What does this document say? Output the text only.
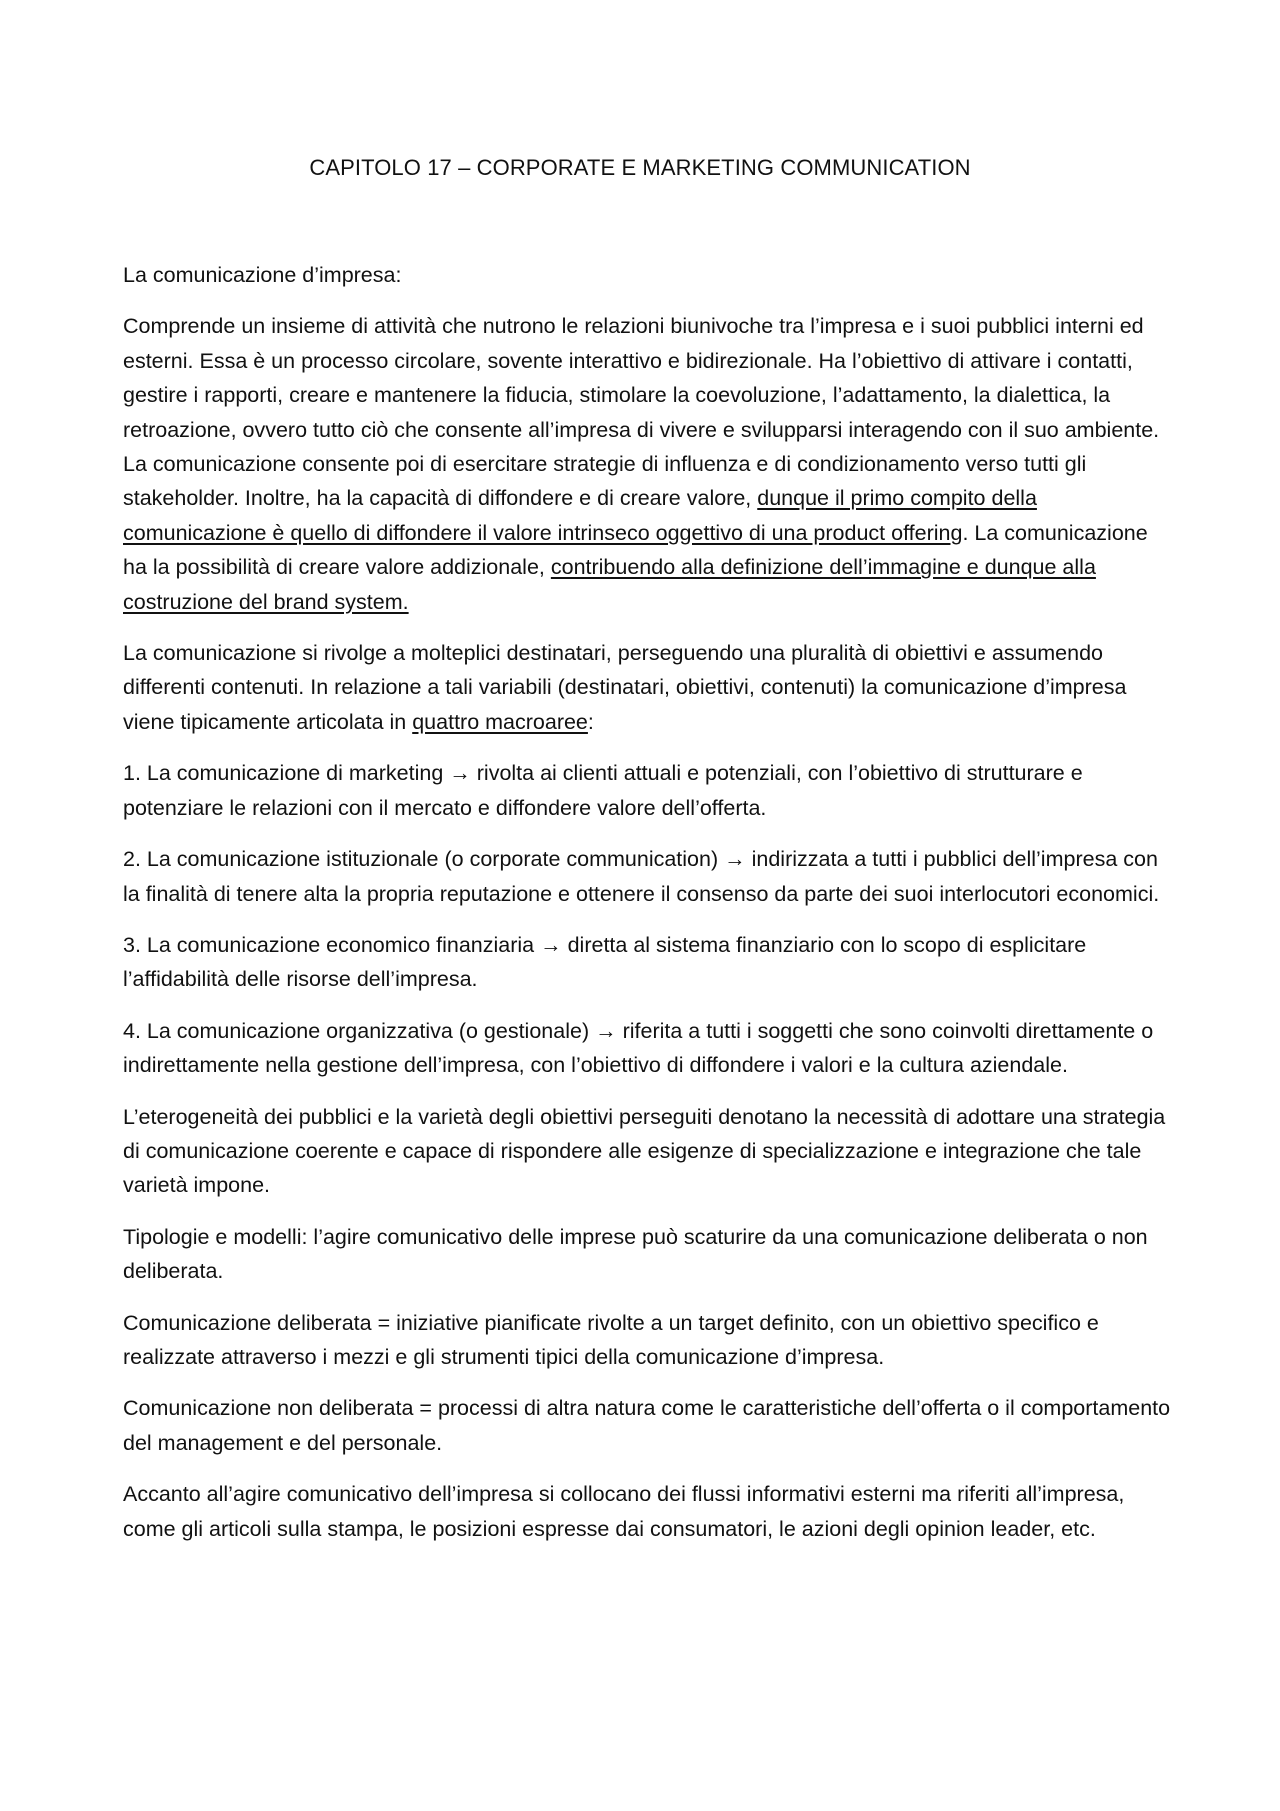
CAPITOLO 17 – CORPORATE E MARKETING COMMUNICATION

La comunicazione d’impresa:

Comprende un insieme di attività che nutrono le relazioni biunivoche tra l’impresa e i suoi pubblici interni ed esterni. Essa è un processo circolare, sovente interattivo e bidirezionale. Ha l’obiettivo di attivare i contatti, gestire i rapporti, creare e mantenere la fiducia, stimolare la coevoluzione, l’adattamento, la dialettica, la retroazione, ovvero tutto ciò che consente all’impresa di vivere e svilupparsi interagendo con il suo ambiente. La comunicazione consente poi di esercitare strategie di influenza e di condizionamento verso tutti gli stakeholder. Inoltre, ha la capacità di diffondere e di creare valore, dunque il primo compito della comunicazione è quello di diffondere il valore intrinseco oggettivo di una product offering. La comunicazione ha la possibilità di creare valore addizionale, contribuendo alla definizione dell’immagine e dunque alla costruzione del brand system.

La comunicazione si rivolge a molteplici destinatari, perseguendo una pluralità di obiettivi e assumendo differenti contenuti. In relazione a tali variabili (destinatari, obiettivi, contenuti) la comunicazione d’impresa viene tipicamente articolata in quattro macroaree:

1. La comunicazione di marketing → rivolta ai clienti attuali e potenziali, con l’obiettivo di strutturare e potenziare le relazioni con il mercato e diffondere valore dell’offerta.

2. La comunicazione istituzionale (o corporate communication) → indirizzata a tutti i pubblici dell’impresa con la finalità di tenere alta la propria reputazione e ottenere il consenso da parte dei suoi interlocutori economici.

3. La comunicazione economico finanziaria → diretta al sistema finanziario con lo scopo di esplicitare l’affidabilità delle risorse dell’impresa.

4. La comunicazione organizzativa (o gestionale) → riferita a tutti i soggetti che sono coinvolti direttamente o indirettamente nella gestione dell’impresa, con l’obiettivo di diffondere i valori e la cultura aziendale.

L’eterogeneità dei pubblici e la varietà degli obiettivi perseguiti denotano la necessità di adottare una strategia di comunicazione coerente e capace di rispondere alle esigenze di specializzazione e integrazione che tale varietà impone.

Tipologie e modelli: l’agire comunicativo delle imprese può scaturire da una comunicazione deliberata o non deliberata.

Comunicazione deliberata = iniziative pianificate rivolte a un target definito, con un obiettivo specifico e realizzate attraverso i mezzi e gli strumenti tipici della comunicazione d’impresa.

Comunicazione non deliberata = processi di altra natura come le caratteristiche dell’offerta o il comportamento del management e del personale.

Accanto all’agire comunicativo dell’impresa si collocano dei flussi informativi esterni ma riferiti all’impresa, come gli articoli sulla stampa, le posizioni espresse dai consumatori, le azioni degli opinion leader, etc.
